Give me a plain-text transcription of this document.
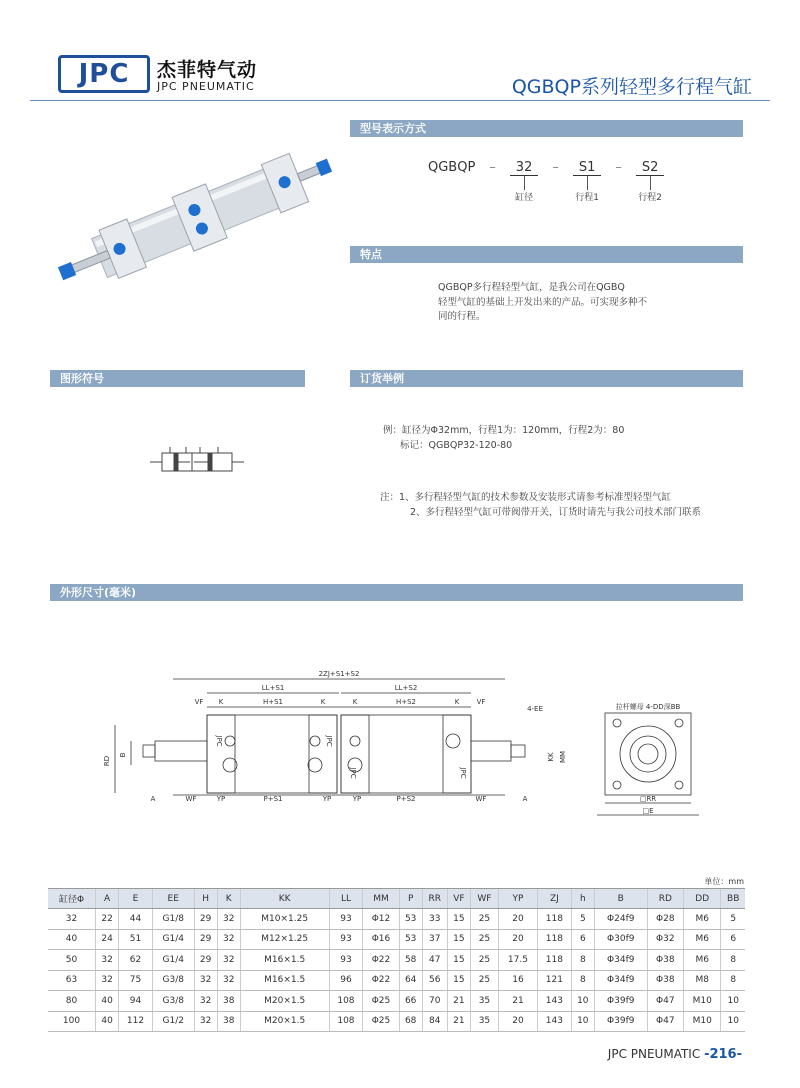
JPC 杰菲特气动
JPC PNEUMATIC	QGBQP系列轻型多行程气缸
型号表示方式
特点
图形符号	订货举例
外形尺寸(毫米)
QGBQP –	32
缸径
–	S1
行程1
–	S2
行程2
QGBQP多行程轻型气缸，是我公司在QGBQ
轻型气缸的基础上开发出来的产品。可实现多种不
同的行程。
例：缸径为Φ32mm，行程1为：120mm，行程2为：80
标记：QGBQP32-120-80
注：1、多行程轻型气缸的技术参数及安装形式请参考标准型轻型气缸
2、多行程轻型气缸可带阀带开关，订货时请先与我公司技术部门联系
2ZJ+S1+S2
LL+S1	LL+S2
VF K	H+S1	K	K	H+S2	K VF
4-EE
A	WF	YP	P+S1	YP	YP	P+S2	WF	A
RD
B	KK MM
JPC	JPC
JPC	JPC
拉杆螺母 4-DD深BB
□RR
□E
单位：mm
缸径Φ	A	E	EE	H	K	KK	LL	MM	P	RR	VF	WF	YP	ZJ	h	B	RD	DD	BB
32	22	44	G1/8	29	32	M10×1.25	93	Φ12	53	33	15	25	20	118	5	Φ24f9	Φ28	M6	5
40	24	51	G1/4	29	32	M12×1.25	93	Φ16	53	37	15	25	20	118	6	Φ30f9	Φ32	M6	6
50	32	62	G1/4	29	32	M16×1.5	93	Φ22	58	47	15	25	17.5	118	8	Φ34f9	Φ38	M6	8
63	32	75	G3/8	32	32	M16×1.5	96	Φ22	64	56	15	25	16	121	8	Φ34f9	Φ38	M8	8
80	40	94	G3/8	32	38	M20×1.5	108	Φ25	66	70	21	35	21	143	10	Φ39f9	Φ47	M10	10
100	40	112	G1/2	32	38	M20×1.5	108	Φ25	68	84	21	35	20	143	10	Φ39f9	Φ47	M10	10
JPC PNEUMATIC -216-
